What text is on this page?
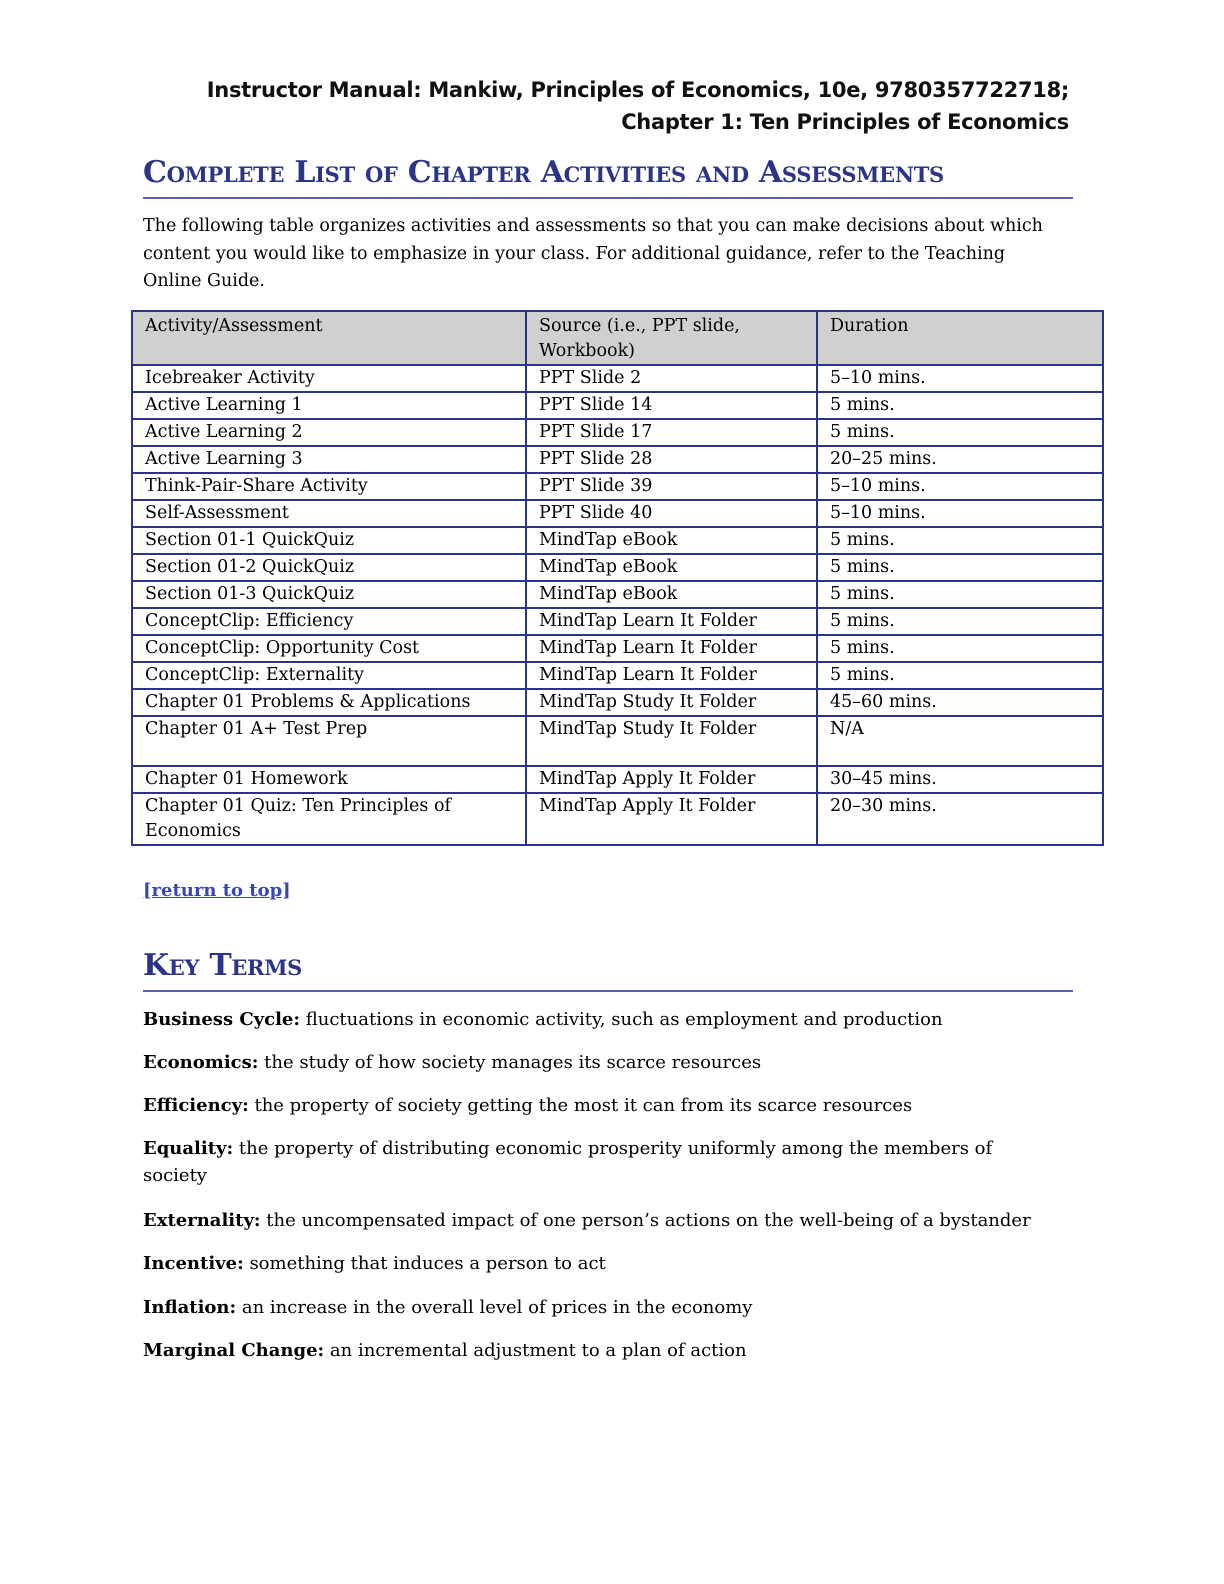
Instructor Manual: Mankiw, Principles of Economics, 10e, 9780357722718;
Chapter 1: Ten Principles of Economics
Complete List of Chapter Activities and Assessments
The following table organizes activities and assessments so that you can make decisions about which content you would like to emphasize in your class. For additional guidance, refer to the Teaching Online Guide.
Activity/Assessment	Source (i.e., PPT slide, Workbook)	Duration
Icebreaker Activity	PPT Slide 2	5–10 mins.
Active Learning 1	PPT Slide 14	5 mins.
Active Learning 2	PPT Slide 17	5 mins.
Active Learning 3	PPT Slide 28	20–25 mins.
Think-Pair-Share Activity	PPT Slide 39	5–10 mins.
Self-Assessment	PPT Slide 40	5–10 mins.
Section 01-1 QuickQuiz	MindTap eBook	5 mins.
Section 01-2 QuickQuiz	MindTap eBook	5 mins.
Section 01-3 QuickQuiz	MindTap eBook	5 mins.
ConceptClip: Efficiency	MindTap Learn It Folder	5 mins.
ConceptClip: Opportunity Cost	MindTap Learn It Folder	5 mins.
ConceptClip: Externality	MindTap Learn It Folder	5 mins.
Chapter 01 Problems & Applications	MindTap Study It Folder	45–60 mins.
Chapter 01 A+ Test Prep	MindTap Study It Folder	N/A
Chapter 01 Homework	MindTap Apply It Folder	30–45 mins.
Chapter 01 Quiz: Ten Principles of Economics	MindTap Apply It Folder	20–30 mins.
[return to top]
Key Terms
Business Cycle: fluctuations in economic activity, such as employment and production
Economics: the study of how society manages its scarce resources
Efficiency: the property of society getting the most it can from its scarce resources
Equality: the property of distributing economic prosperity uniformly among the members of society
Externality: the uncompensated impact of one person’s actions on the well-being of a bystander
Incentive: something that induces a person to act
Inflation: an increase in the overall level of prices in the economy
Marginal Change: an incremental adjustment to a plan of action
